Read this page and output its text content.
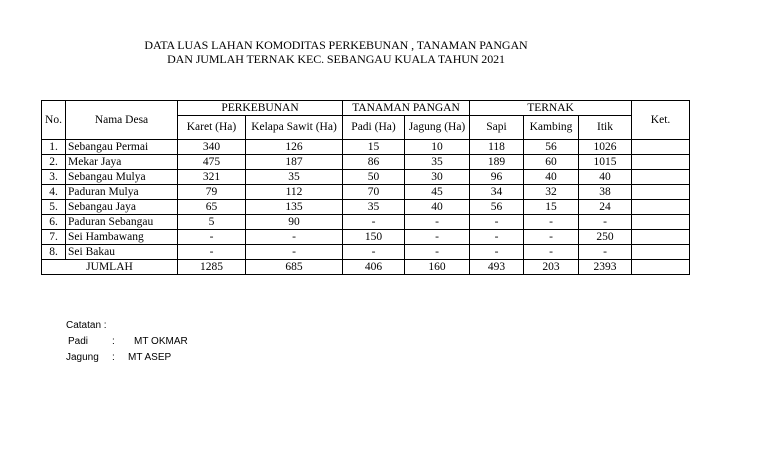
DATA LUAS LAHAN KOMODITAS PERKEBUNAN , TANAMAN PANGAN
DAN JUMLAH TERNAK KEC. SEBANGAU KUALA TAHUN 2021
No.	Nama Desa	PERKEBUNAN		TANAMAN PANGAN		TERNAK			Ket.
		Karet (Ha)	Kelapa Sawit (Ha)	Padi (Ha)	Jagung (Ha)	Sapi	Kambing	Itik	
1.	Sebangau Permai	340	126	15	10	118	56	1026	
2.	Mekar Jaya	475	187	86	35	189	60	1015	
3.	Sebangau Mulya	321	35	50	30	96	40	40	
4.	Paduran Mulya	79	112	70	45	34	32	38	
5.	Sebangau Jaya	65	135	35	40	56	15	24	
6.	Paduran Sebangau	5	90	-	-	-	-	-	
7.	Sei Hambawang	-	-	150	-	-	-	250	
8.	Sei Bakau	-	-	-	-	-	-	-	
JUMLAH		1285	685	406	160	493	203	2393	
Catatan :
Padi : MT OKMAR
Jagung : MT ASEP
